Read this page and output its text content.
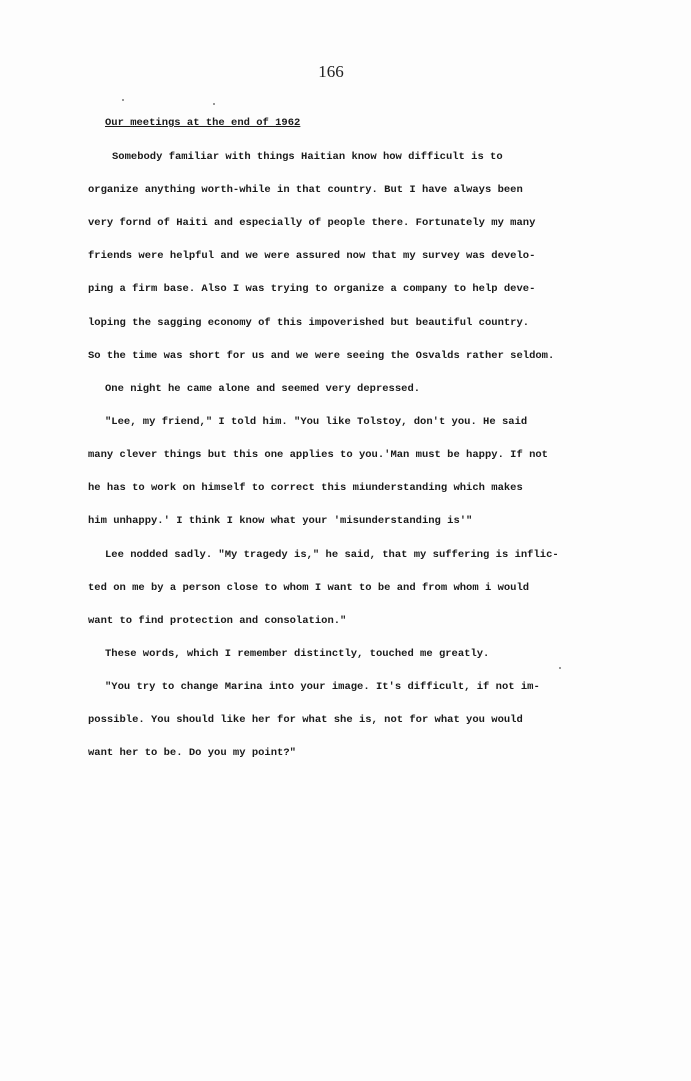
166
Our meetings at the end of 1962
Somebody familiar with things Haitian know how difficult is to
organize anything worth-while in that country. But I have always been
very fornd of Haiti and especially of people there. Fortunately my many
friends were helpful and we were assured now that my survey was develo-
ping a firm base. Also I was trying to organize a company to help deve-
loping the sagging economy of this impoverished but beautiful country.
So the time was short for us and we were seeing the Osvalds rather seldom.
One night he came alone and seemed very depressed.
"Lee, my friend," I told him. "You like Tolstoy, don't you. He said
many clever things but this one applies to you.'Man must be happy. If not
he has to work on himself to correct this miunderstanding which makes
him unhappy.' I think I know what your 'misunderstanding is'"
Lee nodded sadly. "My tragedy is," he said, that my suffering is inflic-
ted on me by a person close to whom I want to be and from whom i would
want to find protection and consolation."
These words, which I remember distinctly, touched me greatly.
"You try to change Marina into your image. It's difficult, if not im-
possible. You should like her for what she is, not for what you would
want her to be. Do you my point?"
